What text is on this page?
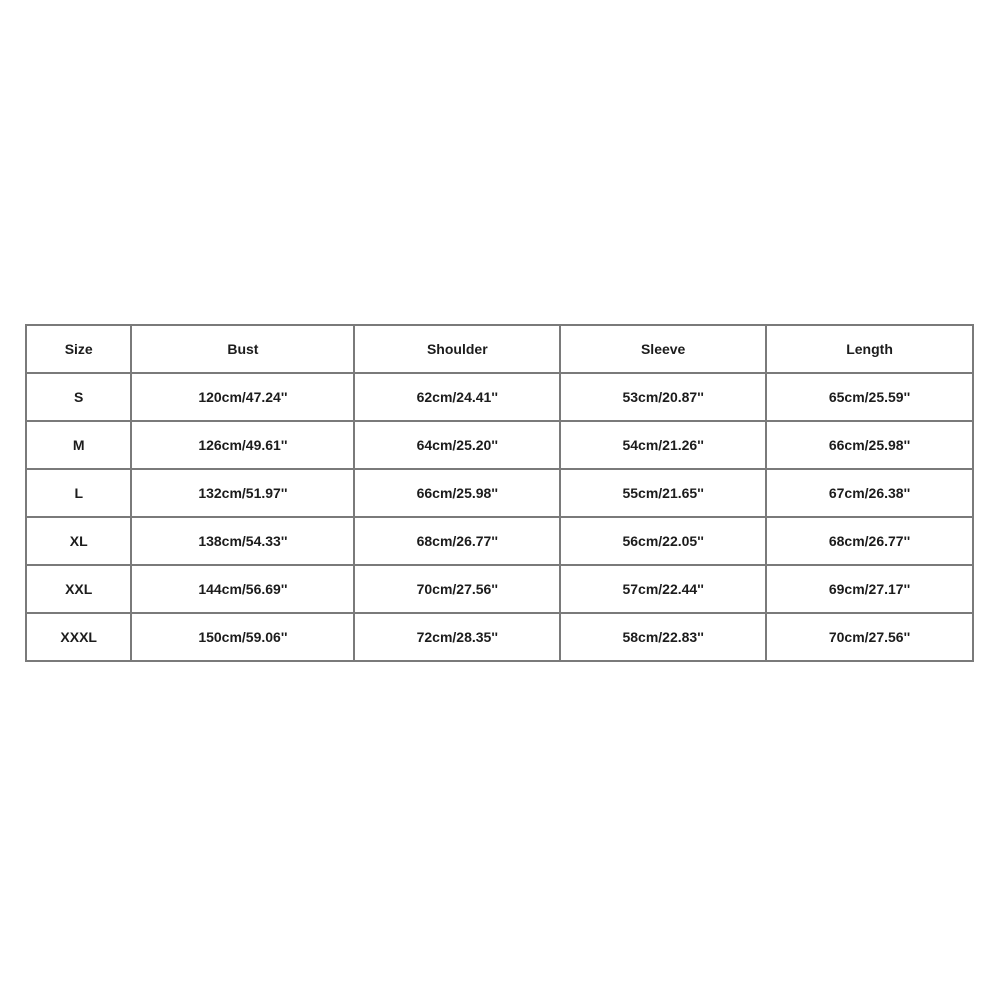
Size	Bust	Shoulder	Sleeve	Length
S	120cm/47.24''	62cm/24.41''	53cm/20.87''	65cm/25.59''
M	126cm/49.61''	64cm/25.20''	54cm/21.26''	66cm/25.98''
L	132cm/51.97''	66cm/25.98''	55cm/21.65''	67cm/26.38''
XL	138cm/54.33''	68cm/26.77''	56cm/22.05''	68cm/26.77''
XXL	144cm/56.69''	70cm/27.56''	57cm/22.44''	69cm/27.17''
XXXL	150cm/59.06''	72cm/28.35''	58cm/22.83''	70cm/27.56''
